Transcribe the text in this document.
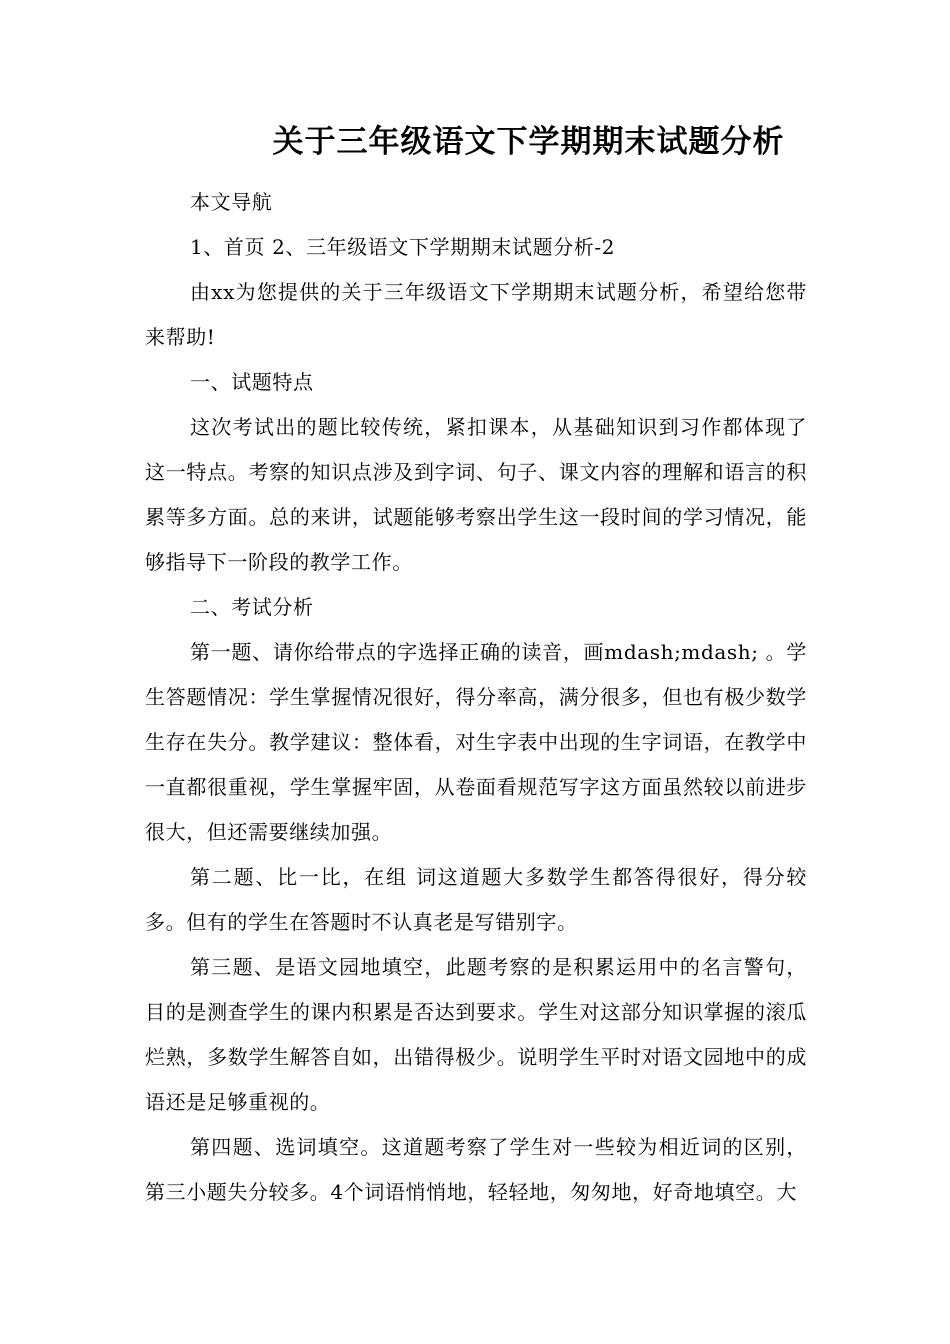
关于三年级语文下学期期末试题分析

本文导航

1、首页 2、三年级语文下学期期末试题分析-2

由xx为您提供的关于三年级语文下学期期末试题分析，希望给您带来帮助!

一、试题特点

这次考试出的题比较传统，紧扣课本，从基础知识到习作都体现了这一特点。考察的知识点涉及到字词、句子、课文内容的理解和语言的积累等多方面。总的来讲，试题能够考察出学生这一段时间的学习情况，能够指导下一阶段的教学工作。

二、考试分析

第一题、请你给带点的字选择正确的读音，画mdash;mdash; 。学生答题情况：学生掌握情况很好，得分率高，满分很多，但也有极少数学生存在失分。教学建议：整体看，对生字表中出现的生字词语，在教学中一直都很重视，学生掌握牢固，从卷面看规范写字这方面虽然较以前进步很大，但还需要继续加强。

第二题、比一比，在组 词这道题大多数学生都答得很好，得分较多。但有的学生在答题时不认真老是写错别字。

第三题、是语文园地填空，此题考察的是积累运用中的名言警句，目的是测查学生的课内积累是否达到要求。学生对这部分知识掌握的滚瓜烂熟，多数学生解答自如，出错得极少。说明学生平时对语文园地中的成语还是足够重视的。

第四题、选词填空。这道题考察了学生对一些较为相近词的区别，第三小题失分较多。4个词语悄悄地，轻轻地，匆匆地，好奇地填空。大
